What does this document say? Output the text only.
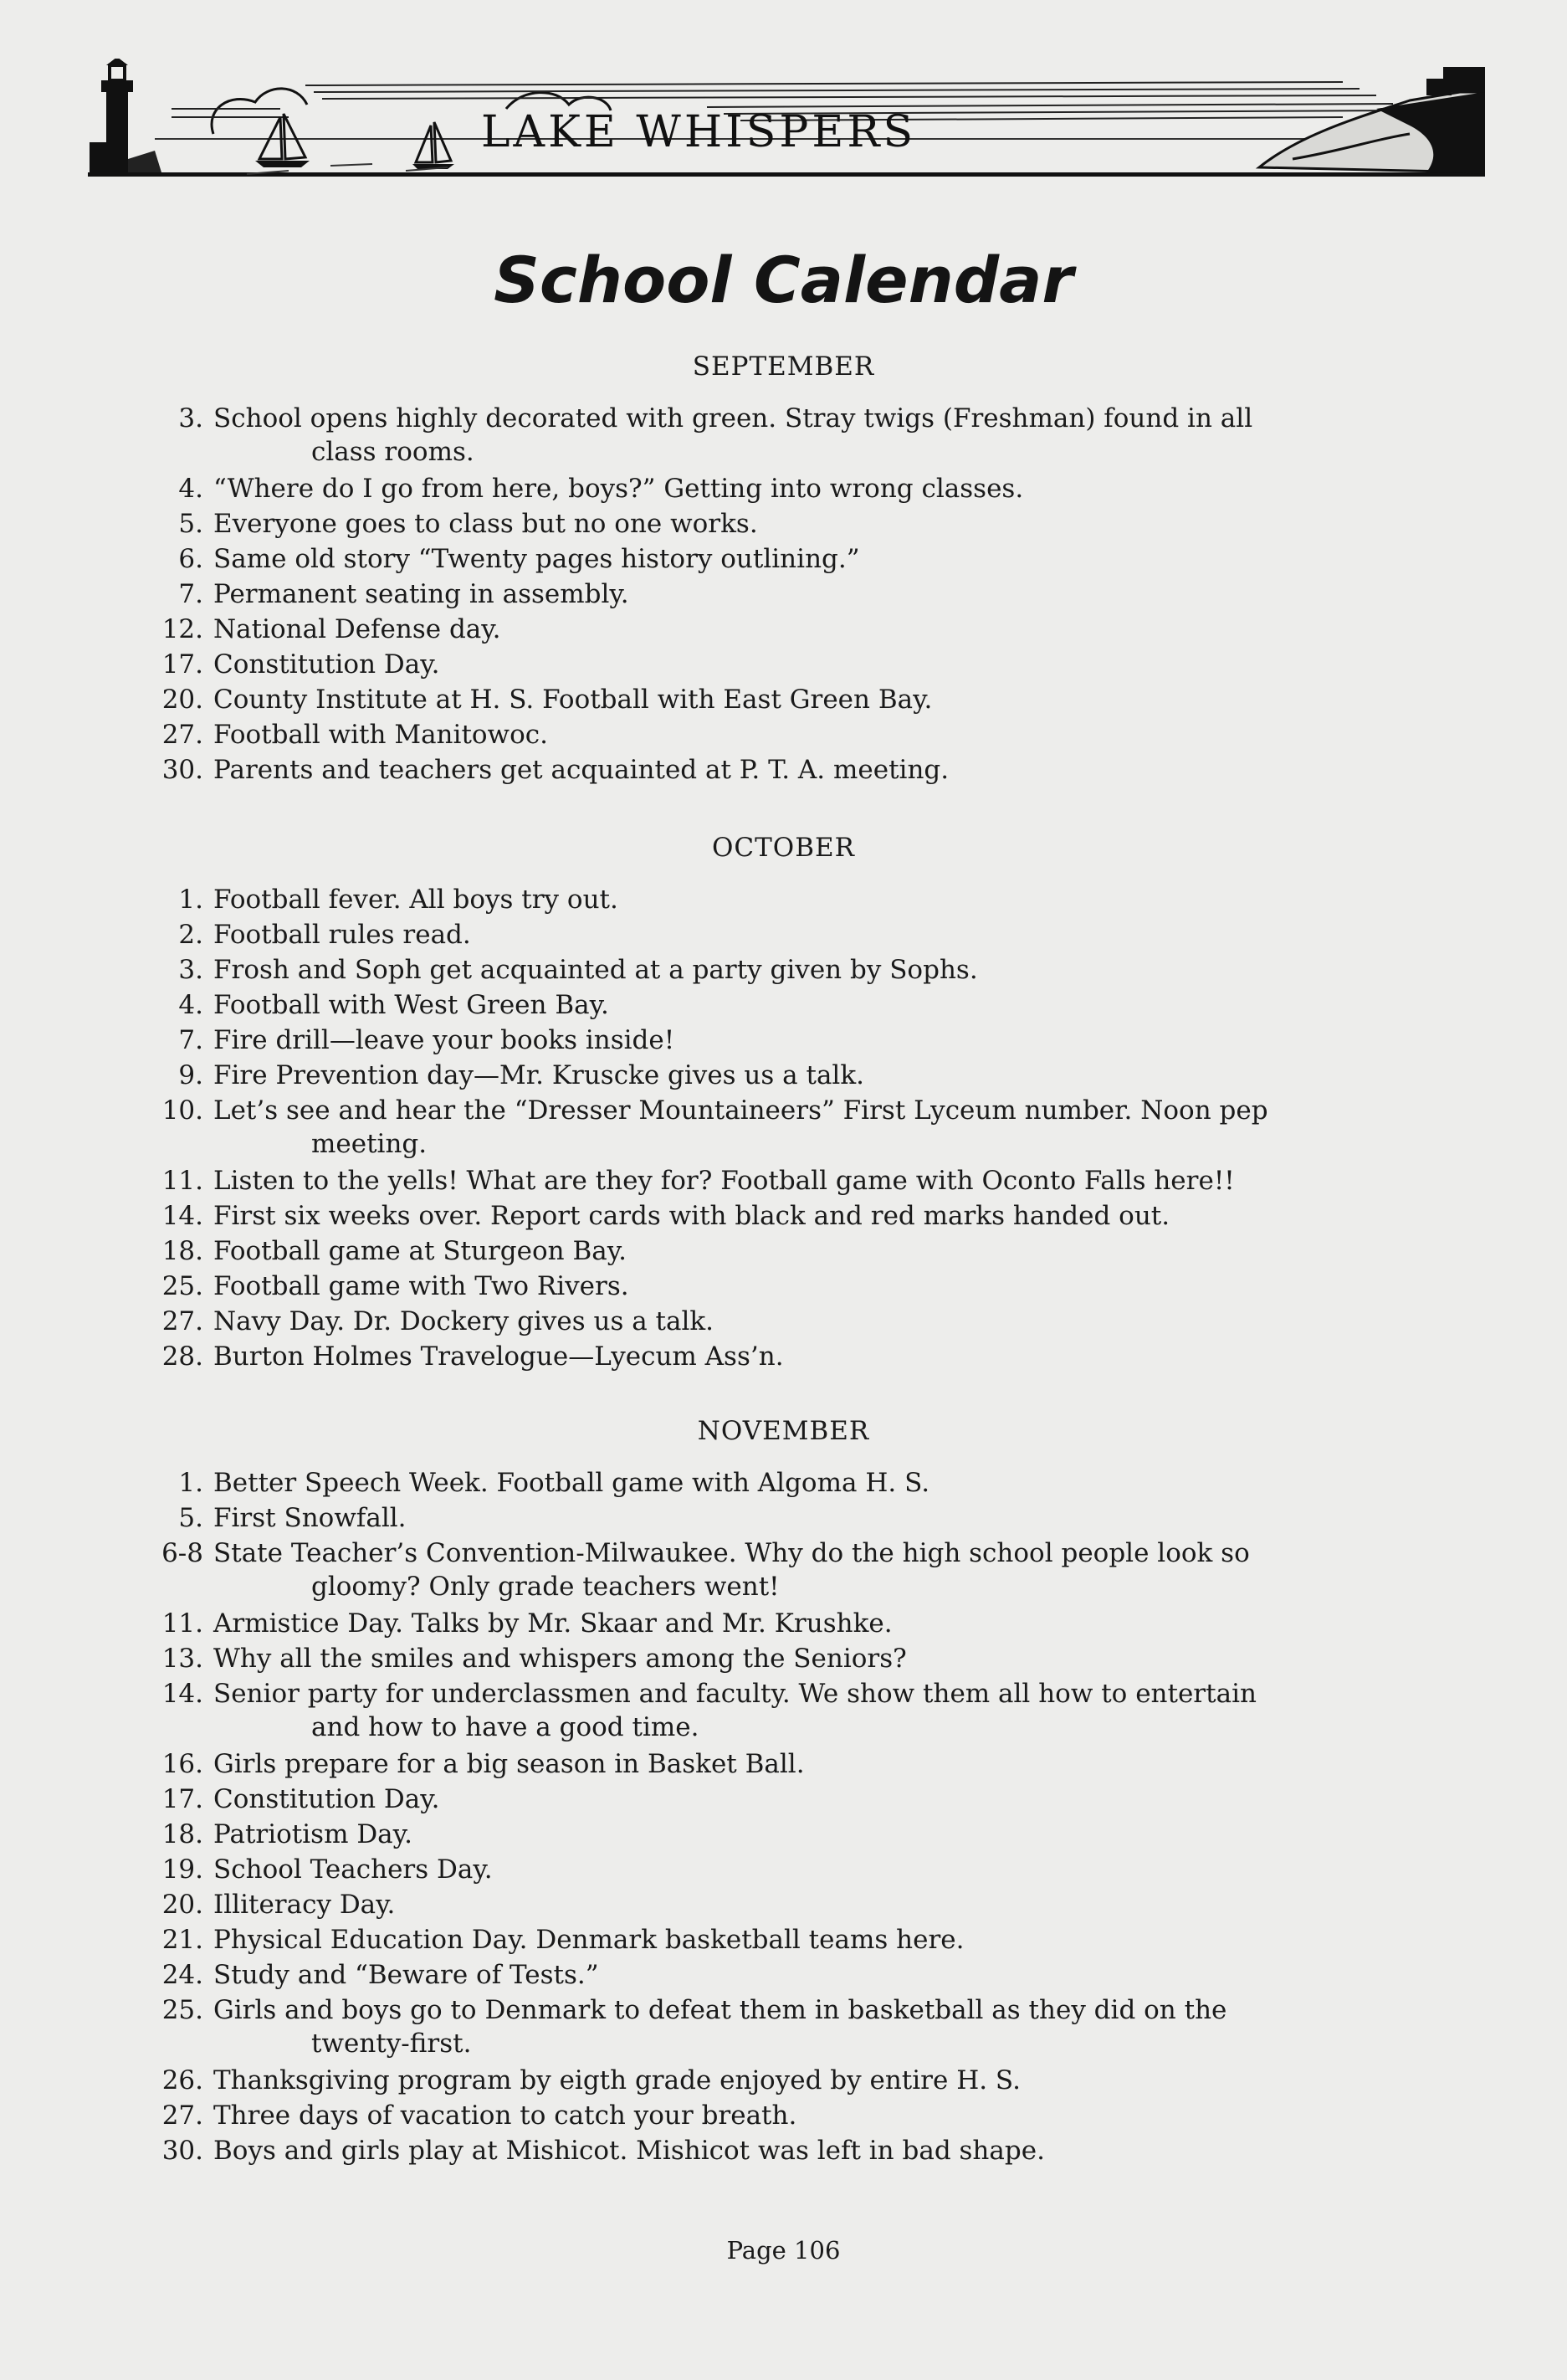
LAKE WHISPERS
School Calendar
SEPTEMBER
3. School opens highly decorated with green. Stray twigs (Freshman) found in all
class rooms.
4. “Where do I go from here, boys?” Getting into wrong classes.
5. Everyone goes to class but no one works.
6. Same old story “Twenty pages history outlining.”
7. Permanent seating in assembly.
12. National Defense day.
17. Constitution Day.
20. County Institute at H. S. Football with East Green Bay.
27. Football with Manitowoc.
30. Parents and teachers get acquainted at P. T. A. meeting.
OCTOBER
1. Football fever. All boys try out.
2. Football rules read.
3. Frosh and Soph get acquainted at a party given by Sophs.
4. Football with West Green Bay.
7. Fire drill—leave your books inside!
9. Fire Prevention day—Mr. Kruscke gives us a talk.
10. Let’s see and hear the “Dresser Mountaineers” First Lyceum number. Noon pep
meeting.
11. Listen to the yells! What are they for? Football game with Oconto Falls here!!
14. First six weeks over. Report cards with black and red marks handed out.
18. Football game at Sturgeon Bay.
25. Football game with Two Rivers.
27. Navy Day. Dr. Dockery gives us a talk.
28. Burton Holmes Travelogue—Lyecum Ass’n.
NOVEMBER
1. Better Speech Week. Football game with Algoma H. S.
5. First Snowfall.
6-8 State Teacher’s Convention-Milwaukee. Why do the high school people look so
gloomy? Only grade teachers went!
11. Armistice Day. Talks by Mr. Skaar and Mr. Krushke.
13. Why all the smiles and whispers among the Seniors?
14. Senior party for underclassmen and faculty. We show them all how to entertain
and how to have a good time.
16. Girls prepare for a big season in Basket Ball.
17. Constitution Day.
18. Patriotism Day.
19. School Teachers Day.
20. Illiteracy Day.
21. Physical Education Day. Denmark basketball teams here.
24. Study and “Beware of Tests.”
25. Girls and boys go to Denmark to defeat them in basketball as they did on the
twenty-first.
26. Thanksgiving program by eigth grade enjoyed by entire H. S.
27. Three days of vacation to catch your breath.
30. Boys and girls play at Mishicot. Mishicot was left in bad shape.
Page 106
